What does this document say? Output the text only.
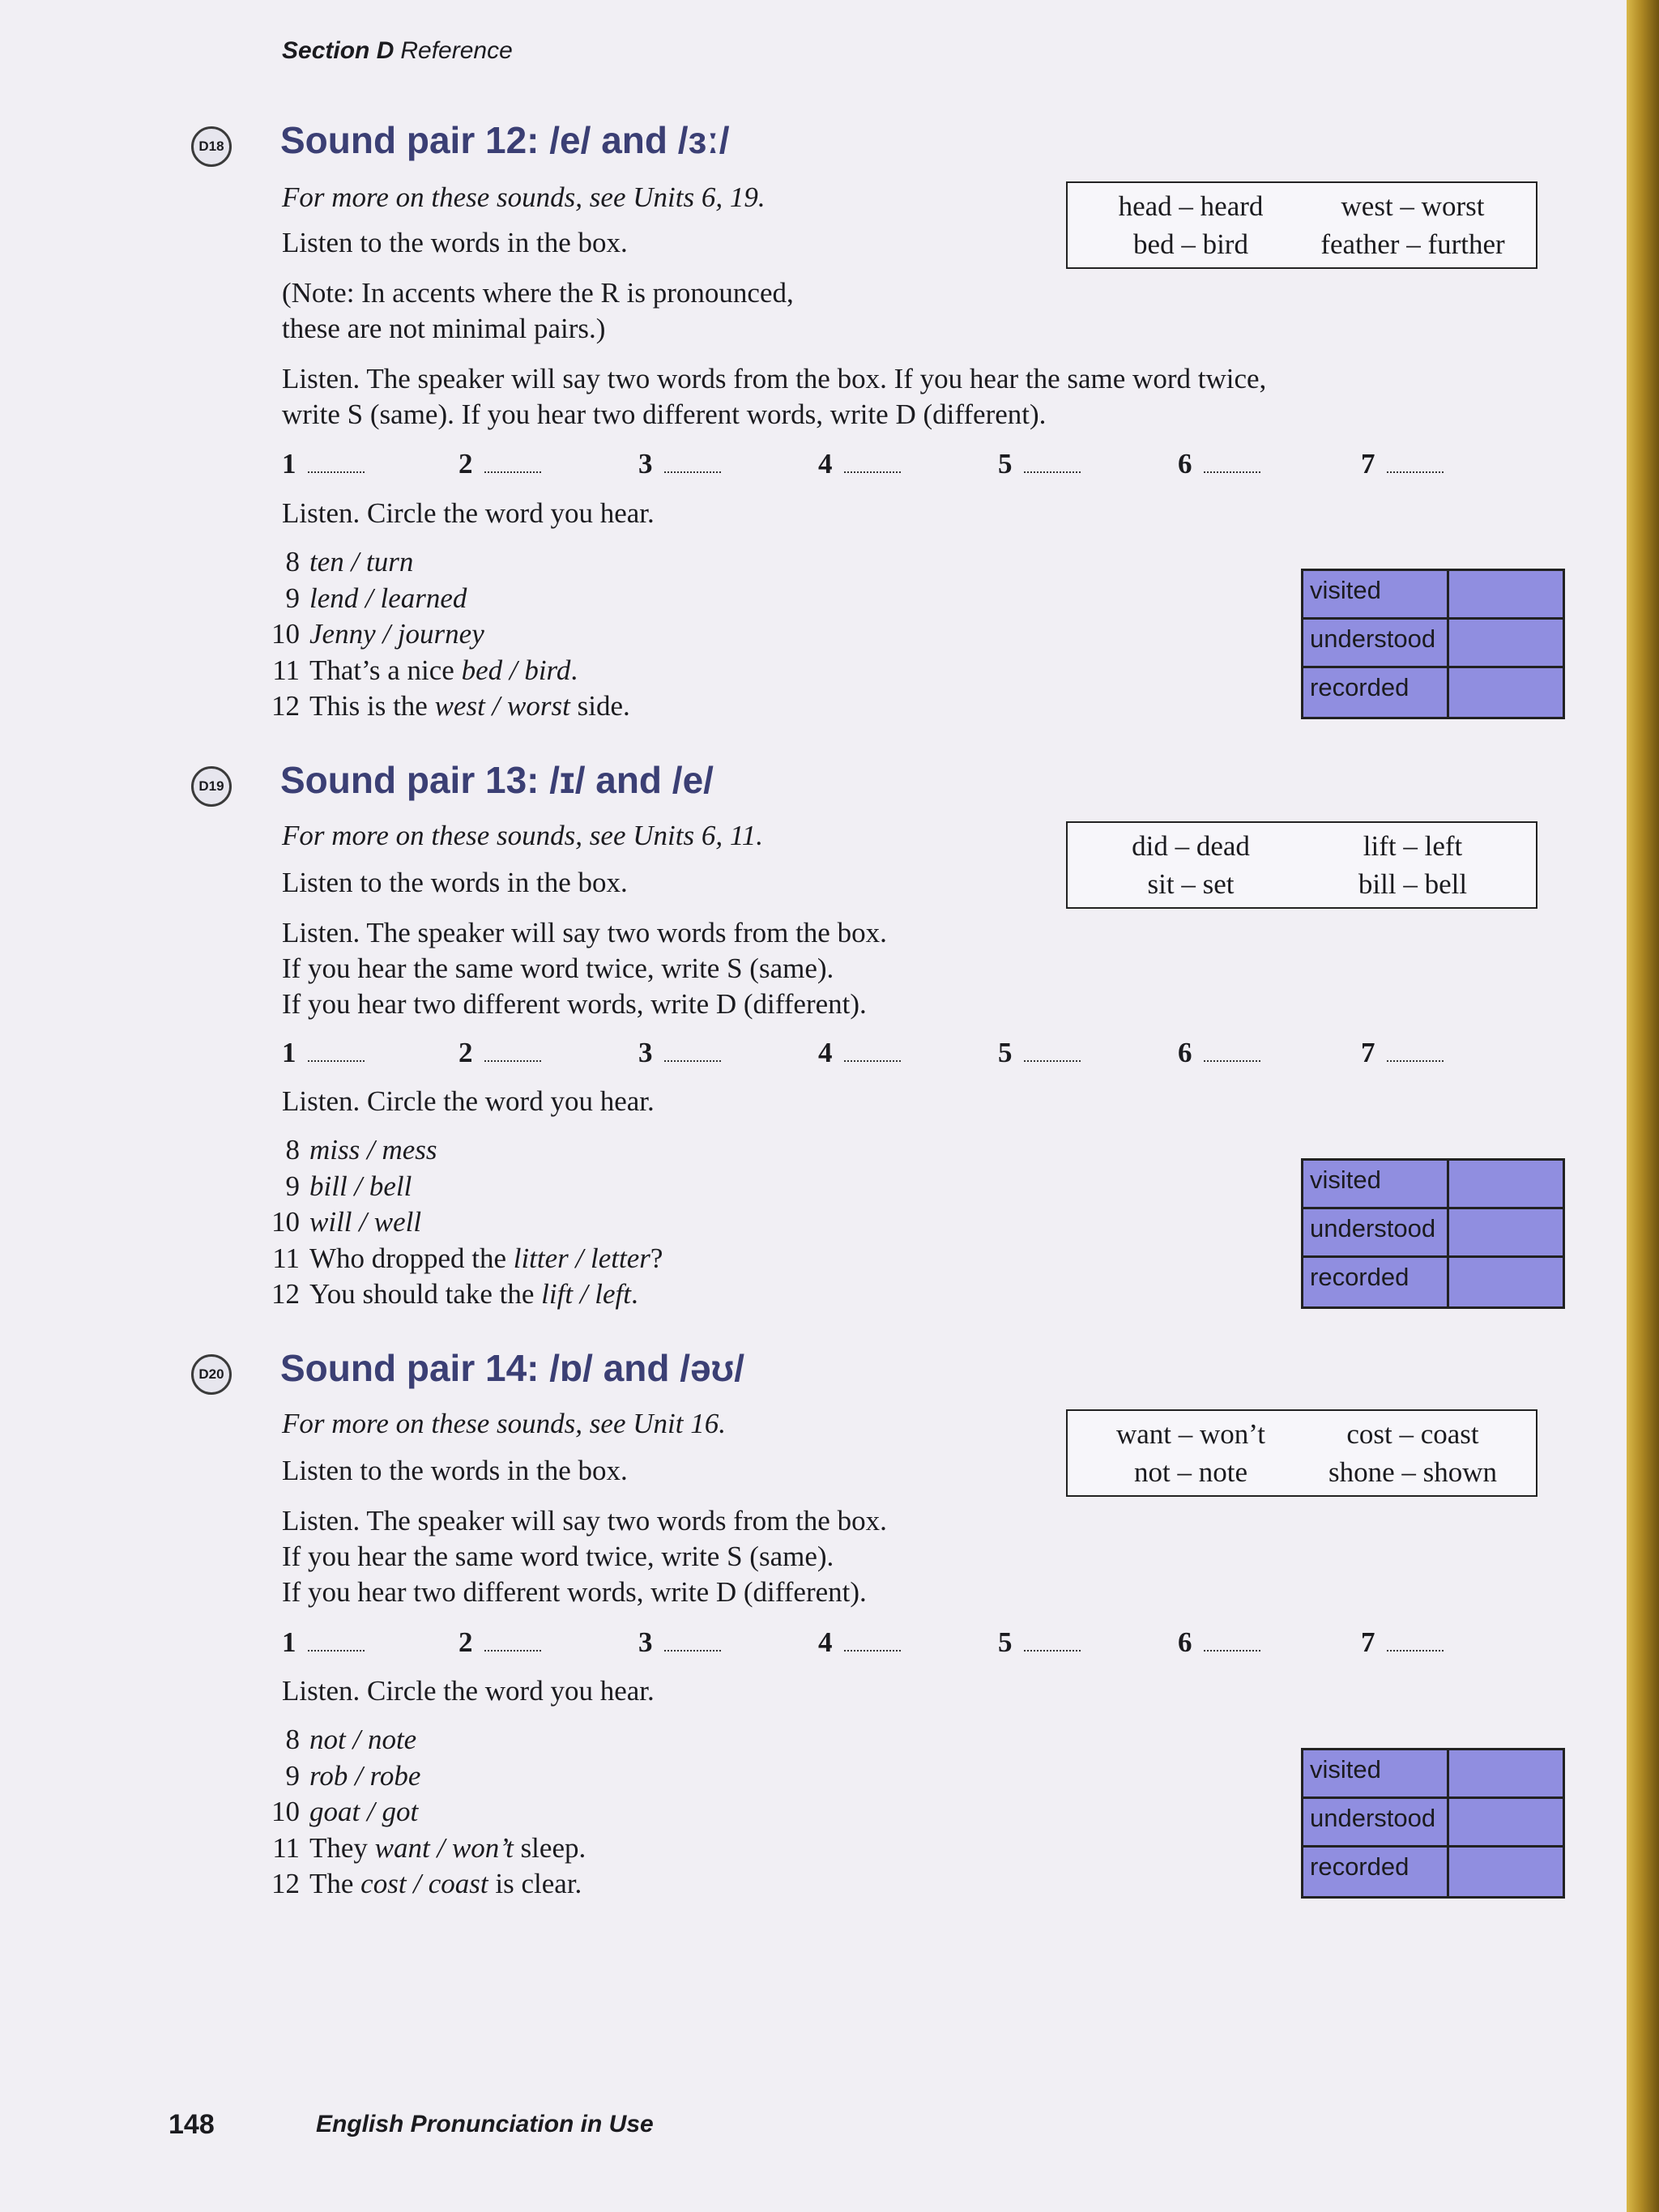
Section D Reference
D18 Sound pair 12: /e/ and /ɜː/
For more on these sounds, see Units 6, 19.
Listen to the words in the box.
head – heard	west – worst
bed – bird	feather – further
(Note: In accents where the R is pronounced,
these are not minimal pairs.)
Listen. The speaker will say two words from the box. If you hear the same word twice,
write S (same). If you hear two different words, write D (different).
1	2	3	4	5	6	7
Listen. Circle the word you hear.
8 ten / turn
9 lend / learned
10 Jenny / journey
11 That’s a nice bed / bird.
12 This is the west / worst side.
visited
understood
recorded
D19 Sound pair 13: /ɪ/ and /e/
For more on these sounds, see Units 6, 11.
Listen to the words in the box.
did – dead	lift – left
sit – set	bill – bell
Listen. The speaker will say two words from the box.
If you hear the same word twice, write S (same).
If you hear two different words, write D (different).
1	2	3	4	5	6	7
Listen. Circle the word you hear.
8 miss / mess
9 bill / bell
10 will / well
11 Who dropped the litter / letter?
12 You should take the lift / left.
visited
understood
recorded
D20 Sound pair 14: /ɒ/ and /əʊ/
For more on these sounds, see Unit 16.
Listen to the words in the box.
want – won’t	cost – coast
not – note	shone – shown
Listen. The speaker will say two words from the box.
If you hear the same word twice, write S (same).
If you hear two different words, write D (different).
1	2	3	4	5	6	7
Listen. Circle the word you hear.
8 not / note
9 rob / robe
10 goat / got
11 They want / won’t sleep.
12 The cost / coast is clear.
visited
understood
recorded
148	English Pronunciation in Use
